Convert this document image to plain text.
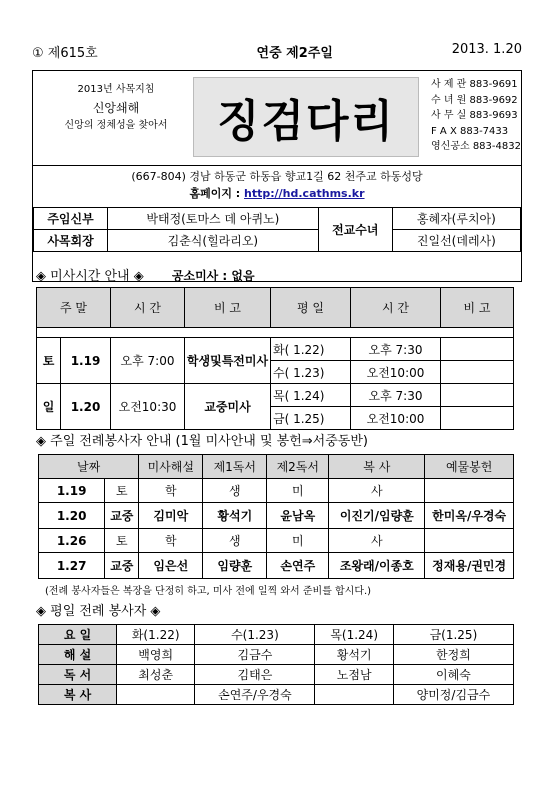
① 제615호	연중 제2주일	2013. 1.20
2013년 사목지침
신앙쇄해
신앙의 정체성을 찾아서	징검다리
사 제 관 883-9691
수 녀 원 883-9692
사 무 실 883-9693
F A X 883-7433
영신공소 883-4832
(667-804) 경남 하동군 하동읍 향교1길 62 천주교 하동성당
홈페이지 : http://hd.cathms.kr
주임신부	박태정(토마스 데 아퀴노)	전교수녀	홍혜자(루치아)
사목회장	김춘식(힐라리오)		진일선(데레사)
◈ 미사시간 안내 ◈ 공소미사 : 없음
주 말		시 간	비 고	평 일	시 간	비 고

토	1.19	오후 7:00	학생및특전미사	화( 1.22)	오후 7:30	
				수( 1.23)	오전10:00	
일	1.20	오전10:30	교중미사	목( 1.24)	오후 7:30	
				금( 1.25)	오전10:00	
◈ 주일 전례봉사자 안내 (1월 미사안내 및 봉헌⇒서중동반)
날짜		미사해설	제1독서	제2독서	복 사	예물봉헌
1.19	토	학	생	미	사	
1.20	교중	김미악	황석기	윤남옥	이진기/임량훈	한미옥/우경숙
1.26	토	학	생	미	사	
1.27	교중	임은선	임량훈	손연주	조왕래/이종호	정재용/권민경
(전례 봉사자들은 복장을 단정히 하고, 미사 전에 일찍 와서 준비를 합시다.)
◈ 평일 전례 봉사자 ◈
요 일	화(1.22)	수(1.23)	목(1.24)	금(1.25)
해 설	백영희	김금수	황석기	한정희
독 서	최성춘	김태은	노점남	이혜숙
복 사		손연주/우경숙		양미정/김금수
